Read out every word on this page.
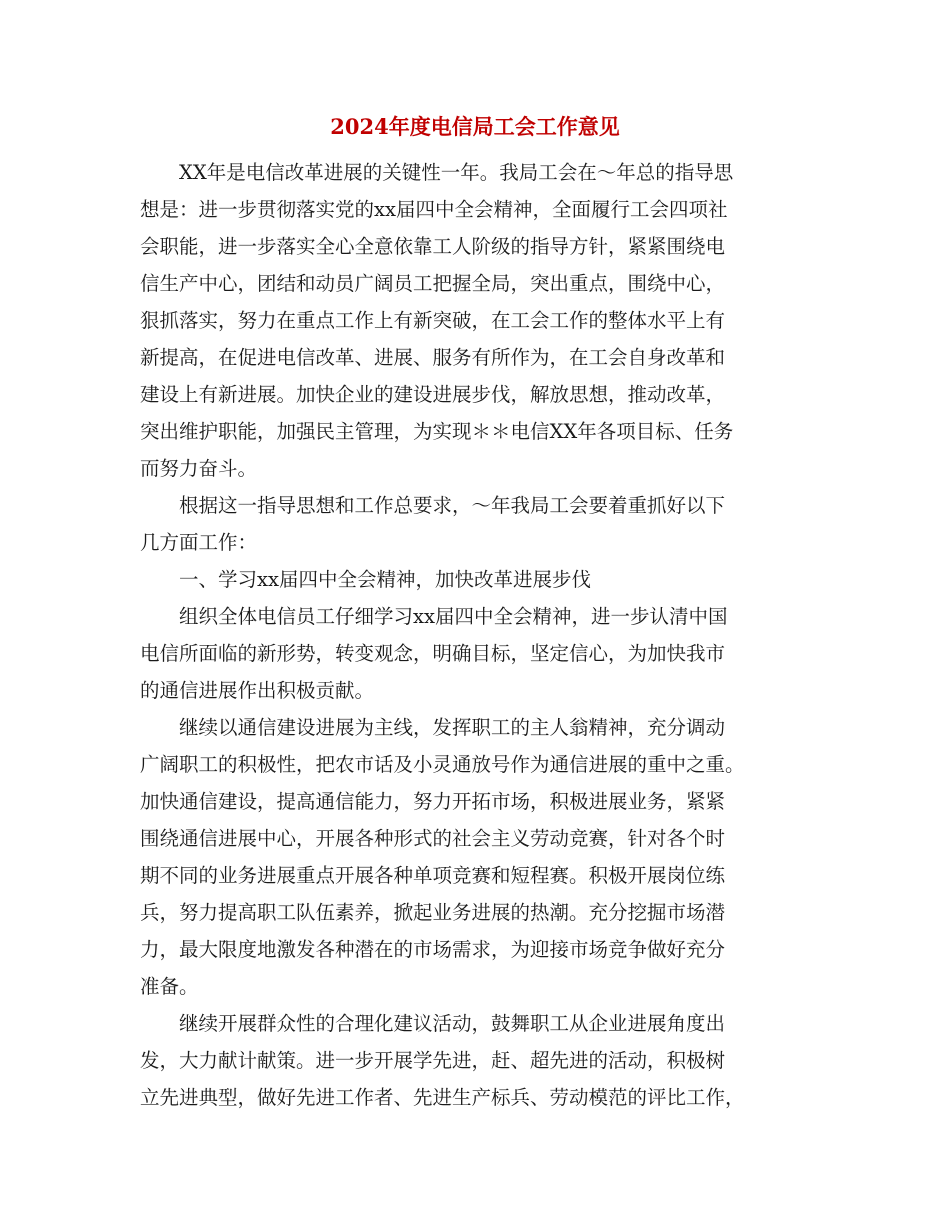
2024年度电信局工会工作意见
XX年是电信改革进展的关键性一年。我局工会在～年总的指导思
想是：进一步贯彻落实党的xx届四中全会精神，全面履行工会四项社
会职能，进一步落实全心全意依靠工人阶级的指导方针，紧紧围绕电
信生产中心，团结和动员广阔员工把握全局，突出重点，围绕中心，
狠抓落实，努力在重点工作上有新突破，在工会工作的整体水平上有
新提高，在促进电信改革、进展、服务有所作为，在工会自身改革和
建设上有新进展。加快企业的建设进展步伐，解放思想，推动改革，
突出维护职能，加强民主管理，为实现＊＊电信XX年各项目标、任务
而努力奋斗。
根据这一指导思想和工作总要求，～年我局工会要着重抓好以下
几方面工作：
一、学习xx届四中全会精神，加快改革进展步伐
组织全体电信员工仔细学习xx届四中全会精神，进一步认清中国
电信所面临的新形势，转变观念，明确目标，坚定信心，为加快我市
的通信进展作出积极贡献。
继续以通信建设进展为主线，发挥职工的主人翁精神，充分调动
广阔职工的积极性，把农市话及小灵通放号作为通信进展的重中之重。
加快通信建设，提高通信能力，努力开拓市场，积极进展业务，紧紧
围绕通信进展中心，开展各种形式的社会主义劳动竞赛，针对各个时
期不同的业务进展重点开展各种单项竞赛和短程赛。积极开展岗位练
兵，努力提高职工队伍素养，掀起业务进展的热潮。充分挖掘市场潜
力，最大限度地激发各种潜在的市场需求，为迎接市场竞争做好充分
准备。
继续开展群众性的合理化建议活动，鼓舞职工从企业进展角度出
发，大力献计献策。进一步开展学先进，赶、超先进的活动，积极树
立先进典型，做好先进工作者、先进生产标兵、劳动模范的评比工作，
